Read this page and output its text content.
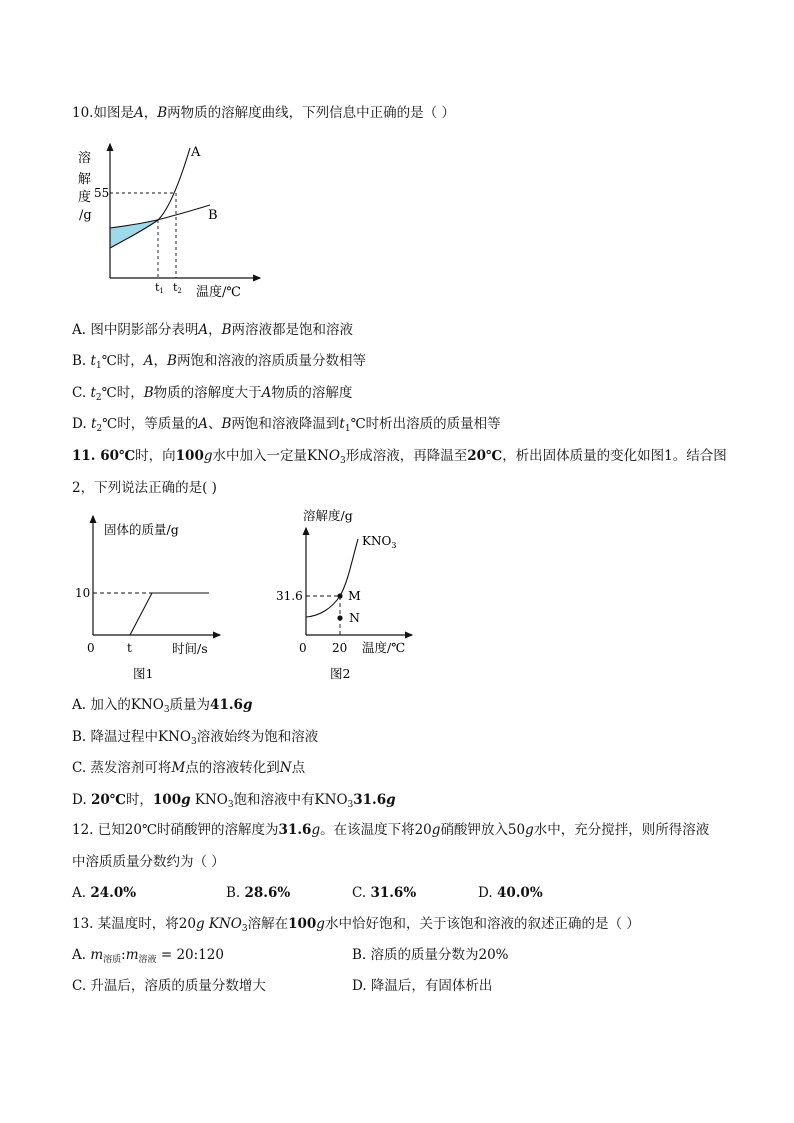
10.如图是A，B两物质的溶解度曲线，下列信息中正确的是（ ）
溶
解
度
/g
55
A
B
t1 t2 温度/℃
A. 图中阴影部分表明A，B两溶液都是饱和溶液
B. $t_1℃$时，A，B两饱和溶液的溶质质量分数相等
C. $t_2℃$时，B物质的溶解度大于A物质的溶解度
D. $t_2℃$时，等质量的A、B两饱和溶液降温到$t_1℃$时析出溶质的质量相等
11. 60℃时，向100g水中加入一定量$KNO_3$形成溶液，再降温至20℃，析出固体质量的变化如图1。结合图
2，下列说法正确的是( )
固体的质量/g
10
0	t	时间/s
图1
溶解度/g
$KNO_3$
31.6	M
N
0 20 温度/℃
图2
A. 加入的$KNO_3$质量为41.6g
B. 降温过程中$KNO_3$溶液始终为饱和溶液
C. 蒸发溶剂可将M点的溶液转化到N点
D. 20℃时，100g $KNO_3$饱和溶液中有$KNO_331.6g$
12. 已知20℃时硝酸钾的溶解度为31.6g。在该温度下将20g硝酸钾放入50g水中，充分搅拌，则所得溶液
中溶质质量分数约为（ ）
A. 24.0%	B. 28.6%	C. 31.6%	D. 40.0%
13. 某温度时，将20g $KNO_3$溶解在100g水中恰好饱和，关于该饱和溶液的叙述正确的是（ ）
A. $m_{溶质}:m_{溶液}$ = 20:120	B. 溶质的质量分数为20%
C. 升温后，溶质的质量分数增大	D. 降温后，有固体析出
